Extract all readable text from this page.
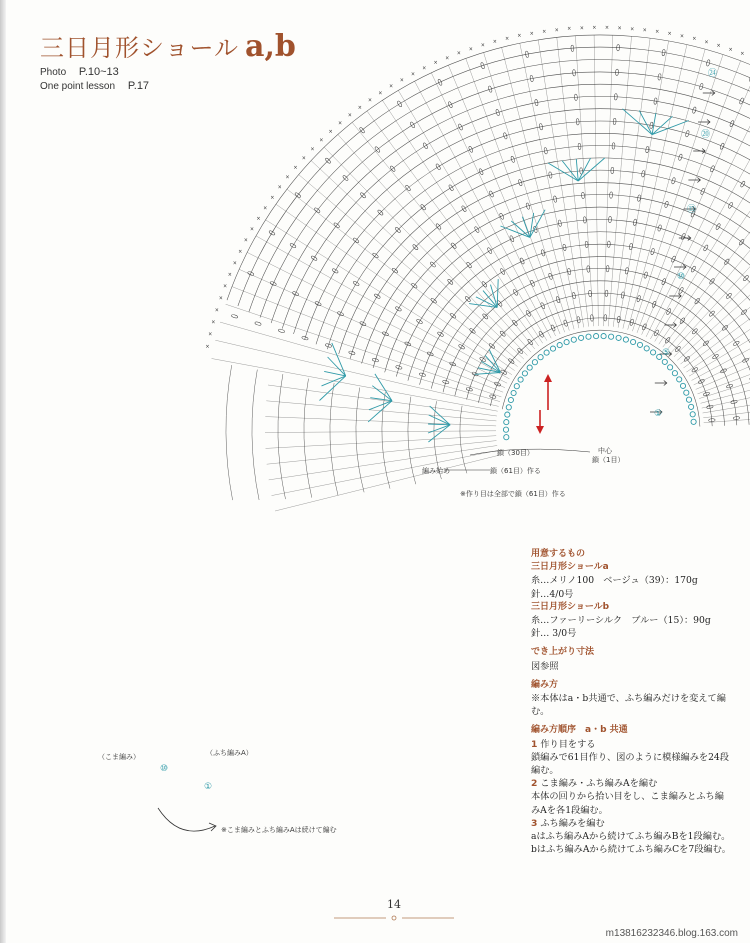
三日月形ショール a,b
Photo P.10~13
One point lesson P.17
×
×
×
×
×
×
×
×
×
×
×
×
×
×
×
×
×
×
×
×
×
×
×
×
×
×
×
×
×
×
×
×
×
×
×
×
×
×
×
×
×
×
×
×
×
×
×
×
×
×
×
×
×
×
×
×
鎖（30目）
鎖（61目）作る
編み始め
中心
鎖（1目）
※作り目は全部で鎖（61目）作る
（こま編み）	（ふち編みA）
※こま編みとふち編みAは続けて編む
①
⑤
⑩
⑮
⑳
㉔
①
⑩
用意するもの
三日月形ショールa
糸…メリノ100　ベージュ（39）：170g
針…4/0号
三日月形ショールb
糸…ファーリーシルク　ブルー（15）：90g
針… 3/0号
でき上がり寸法
図参照
編み方
※本体はa・b共通で、ふち編みだけを変えて編む。
編み方順序　a・b 共通
1 作り目をする
鎖編みで61目作り、図のように模様編みを24段編む。
2 こま編み・ふち編みAを編む
本体の回りから拾い目をし、こま編みとふち編みAを各1段編む。
3 ふち編みを編む
aはふち編みAから続けてふち編みBを1段編む。
bはふち編みAから続けてふち編みCを7段編む。
14
m13816232346.blog.163.com
